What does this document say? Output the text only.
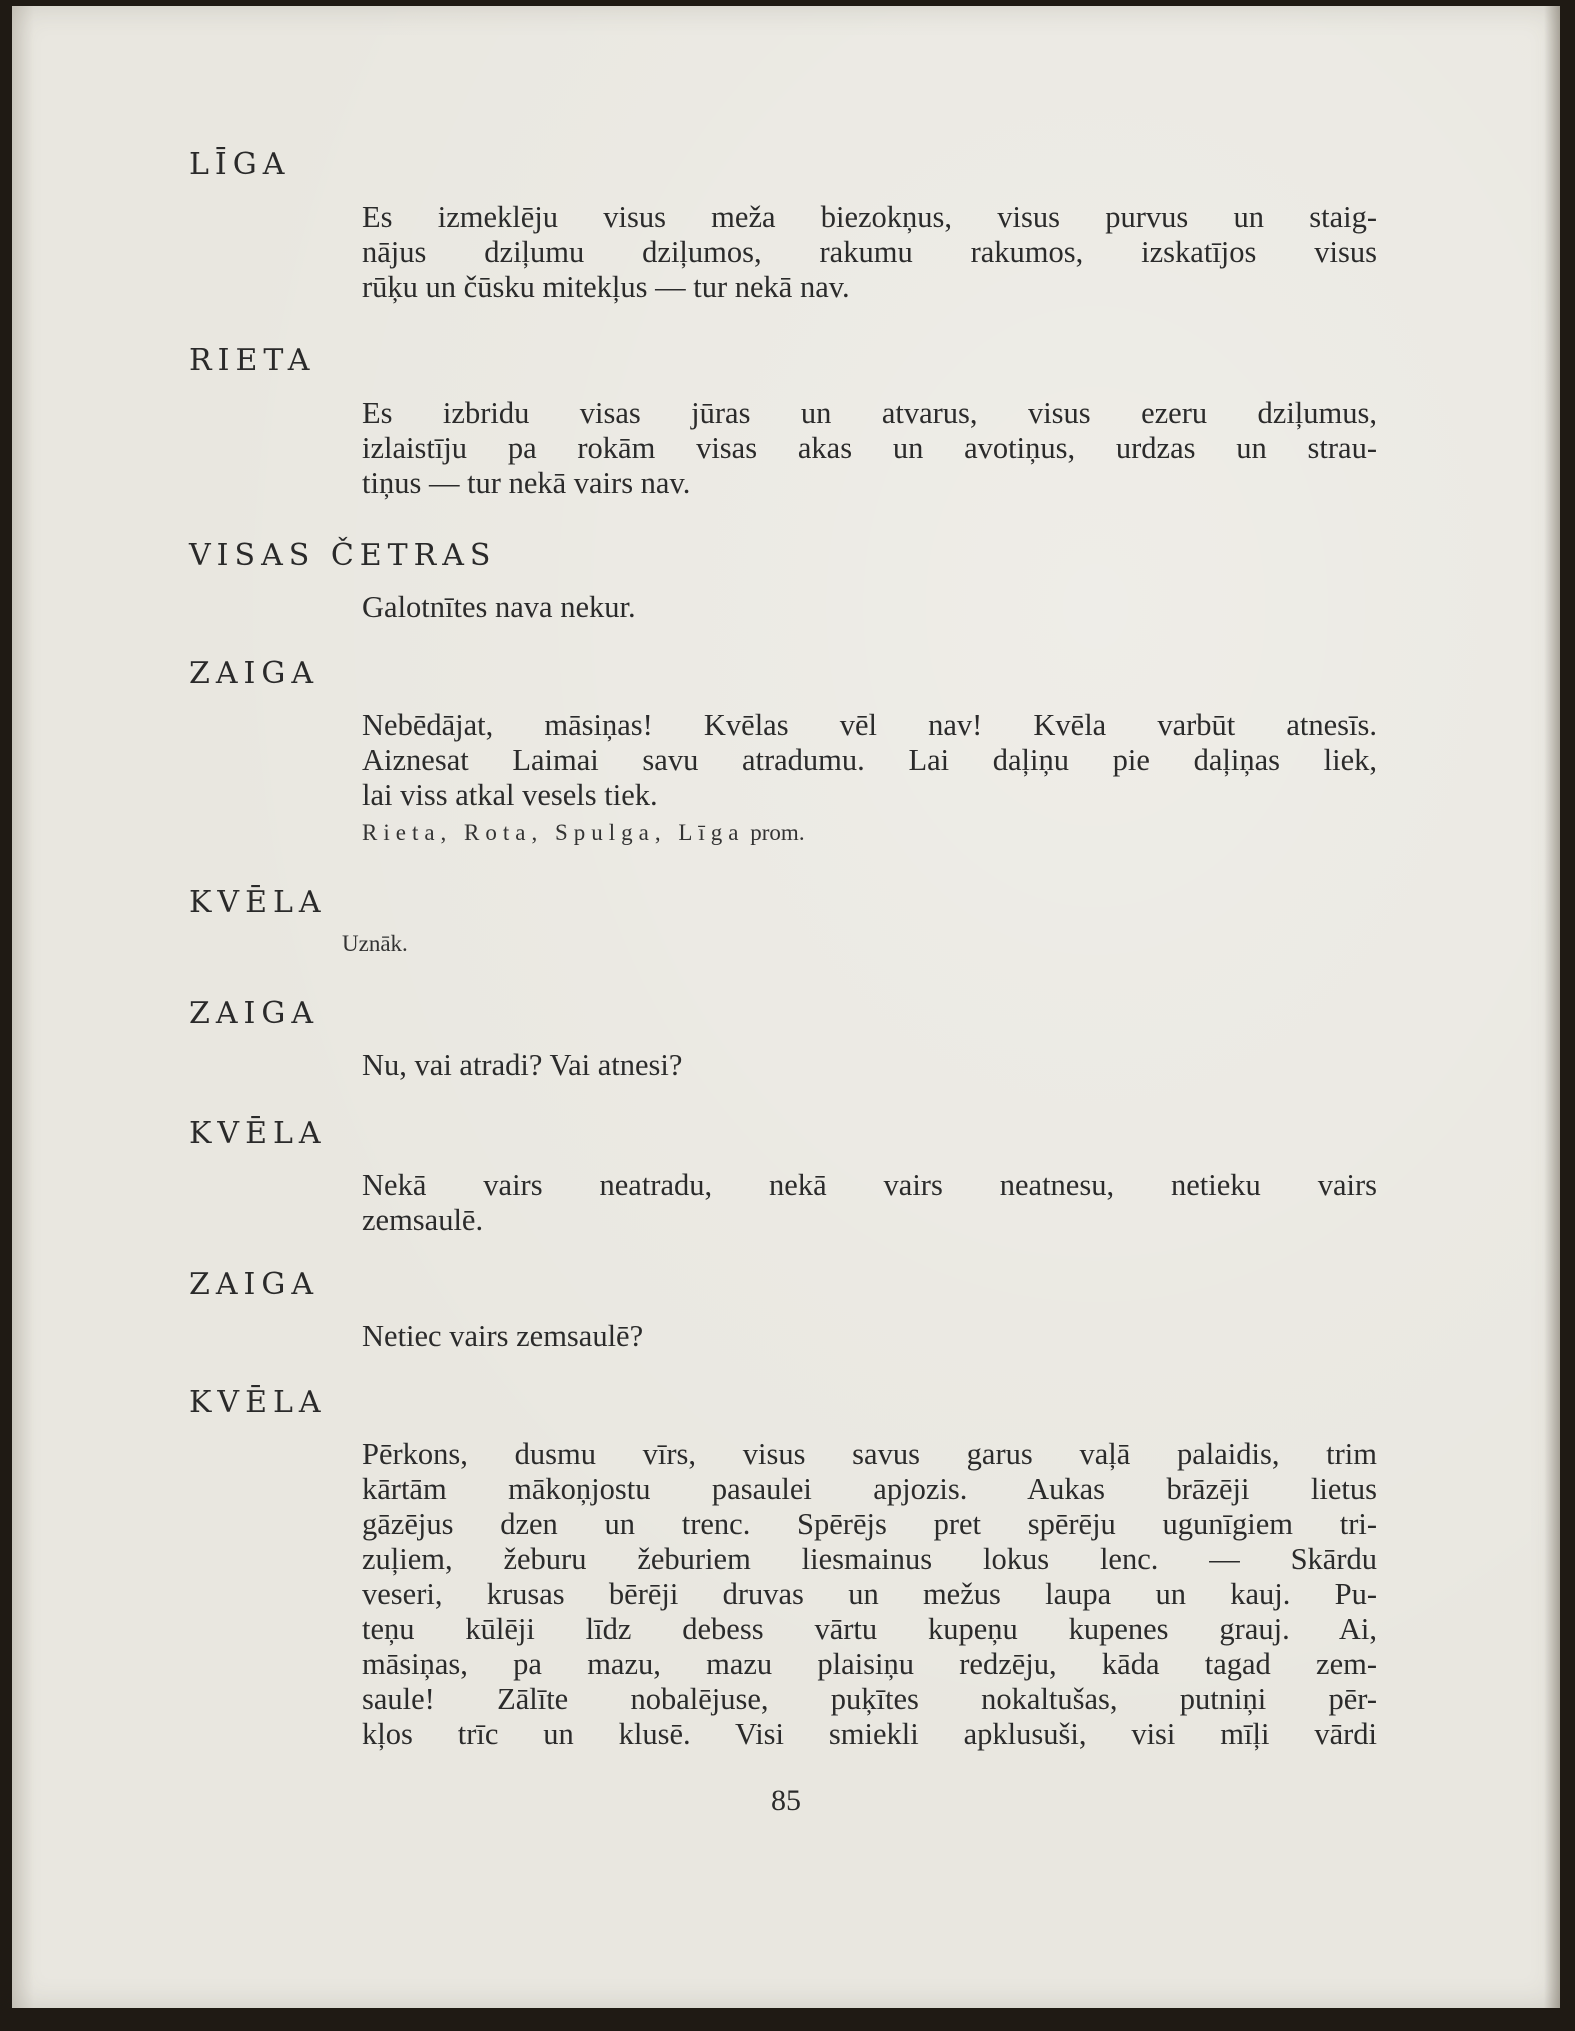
LĪGA
Es izmeklēju visus meža biezokņus, visus purvus un staig-
nājus dziļumu dziļumos, rakumu rakumos, izskatījos visus
rūķu un čūsku mitekļus — tur nekā nav.
RIETA
Es izbridu visas jūras un atvarus, visus ezeru dziļumus,
izlaistīju pa rokām visas akas un avotiņus, urdzas un strau-
tiņus — tur nekā vairs nav.
VISAS ČETRAS
Galotnītes nava nekur.
ZAIGA
Nebēdājat, māsiņas! Kvēlas vēl nav! Kvēla varbūt atnesīs.
Aiznesat Laimai savu atradumu. Lai daļiņu pie daļiņas liek,
lai viss atkal vesels tiek.
Rieta, Rota, Spulga, Līga prom.
KVĒLA
Uznāk.
ZAIGA
Nu, vai atradi? Vai atnesi?
KVĒLA
Nekā vairs neatradu, nekā vairs neatnesu, netieku vairs
zemsaulē.
ZAIGA
Netiec vairs zemsaulē?
KVĒLA
Pērkons, dusmu vīrs, visus savus garus vaļā palaidis, trim
kārtām mākoņjostu pasaulei apjozis. Aukas brāzēji lietus
gāzējus dzen un trenc. Spērējs pret spērēju ugunīgiem tri-
zuļiem, žeburu žeburiem liesmainus lokus lenc. — Skārdu
veseri, krusas bērēji druvas un mežus laupa un kauj. Pu-
teņu kūlēji līdz debess vārtu kupeņu kupenes grauj. Ai,
māsiņas, pa mazu, mazu plaisiņu redzēju, kāda tagad zem-
saule! Zālīte nobalējuse, puķītes nokaltušas, putniņi pēr-
kļos trīc un klusē. Visi smiekli apklusuši, visi mīļi vārdi
85
